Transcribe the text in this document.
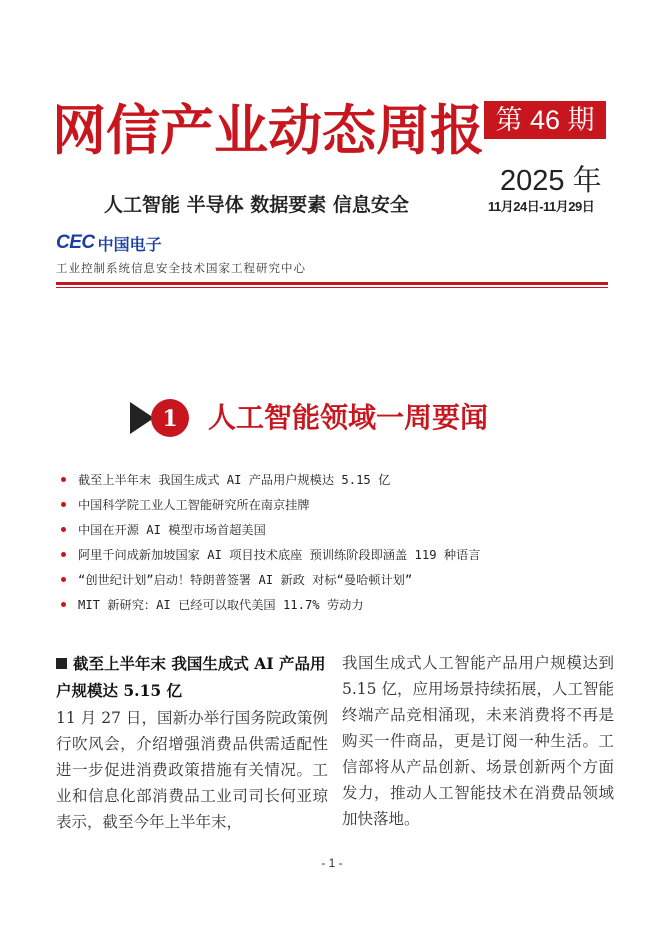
网信产业动态周报 第 46 期
2025 年
人工智能 半导体 数据要素 信息安全	11月24日-11月29日
CEC 中国电子
工业控制系统信息安全技术国家工程研究中心
1 人工智能领域一周要闻
截至上半年末 我国生成式 AI 产品用户规模达 5.15 亿
中国科学院工业人工智能研究所在南京挂牌
中国在开源 AI 模型市场首超美国
阿里千问成新加坡国家 AI 项目技术底座 预训练阶段即涵盖 119 种语言
“创世纪计划”启动！特朗普签署 AI 新政 对标“曼哈顿计划”
MIT 新研究：AI 已经可以取代美国 11.7% 劳动力

截至上半年末 我国生成式 AI 产品用户规模达 5.15 亿

11 月 27 日，国新办举行国务院政策例行吹风会，介绍增强消费品供需适配性进一步促进消费政策措施有关情况。工业和信息化部消费品工业司司长何亚琼表示，截至今年上半年末，

我国生成式人工智能产品用户规模达到 5.15 亿，应用场景持续拓展，人工智能终端产品竞相涌现，未来消费将不再是购买一件商品，更是订阅一种生活。工信部将从产品创新、场景创新两个方面发力，推动人工智能技术在消费品领域加快落地。

- 1 -
